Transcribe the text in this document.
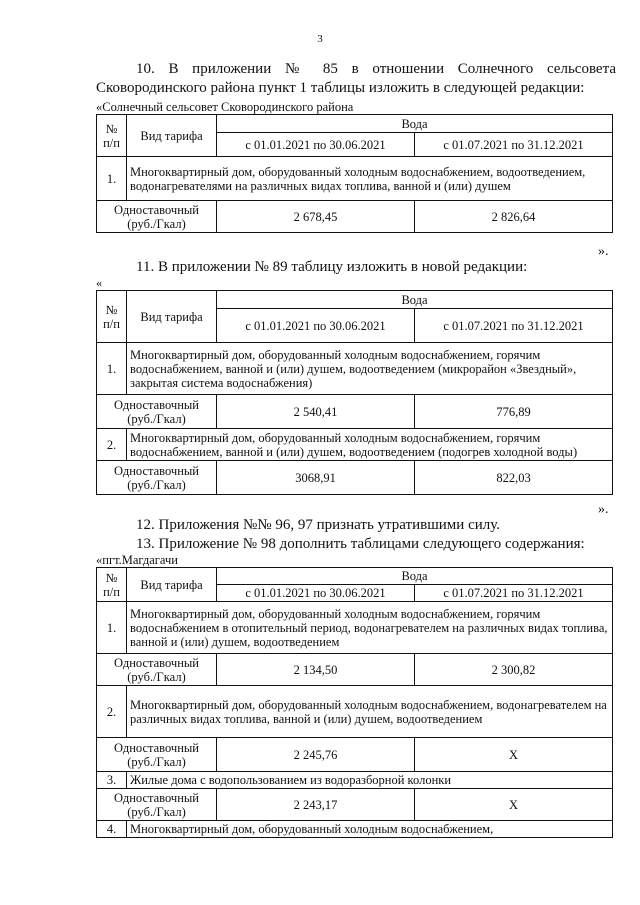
3
10. В приложении № 85 в отношении Солнечного сельсовета Сковородинского района пункт 1 таблицы изложить в следующей редакции:
«Солнечный сельсовет Сковородинского района
№ п/п	Вид тарифа	Вода	
		с 01.01.2021 по 30.06.2021	с 01.07.2021 по 31.12.2021
1.	Многоквартирный дом, оборудованный холодным водоснабжением, водоотведением, водонагревателями на различных видах топлива, ванной и (или) душем		
Одноставочный (руб./Гкал)		2 678,45	2 826,64
».
11. В приложении № 89 таблицу изложить в новой редакции:
«
№ п/п	Вид тарифа	Вода	
		с 01.01.2021 по 30.06.2021	с 01.07.2021 по 31.12.2021
1.	Многоквартирный дом, оборудованный холодным водоснабжением, горячим водоснабжением, ванной и (или) душем, водоотведением (микрорайон «Звездный», закрытая система водоснабжения)		
Одноставочный (руб./Гкал)		2 540,41	776,89
2.	Многоквартирный дом, оборудованный холодным водоснабжением, горячим водоснабжением, ванной и (или) душем, водоотведением (подогрев холодной воды)		
Одноставочный (руб./Гкал)		3068,91	822,03
».
12. Приложения №№ 96, 97 признать утратившими силу.
13. Приложение № 98 дополнить таблицами следующего содержания:
«пгт.Магдагачи
№ п/п	Вид тарифа	Вода	
		с 01.01.2021 по 30.06.2021	с 01.07.2021 по 31.12.2021
1.	Многоквартирный дом, оборудованный холодным водоснабжением, горячим водоснабжением в отопительный период, водонагревателем на различных видах топлива, ванной и (или) душем, водоотведением		
Одноставочный (руб./Гкал)		2 134,50	2 300,82
2.	Многоквартирный дом, оборудованный холодным водоснабжением, водонагревателем на различных видах топлива, ванной и (или) душем, водоотведением		
Одноставочный (руб./Гкал)		2 245,76	X
3.	Жилые дома с водопользованием из водоразборной колонки		
Одноставочный (руб./Гкал)		2 243,17	X
4.	Многоквартирный дом, оборудованный холодным водоснабжением,		
